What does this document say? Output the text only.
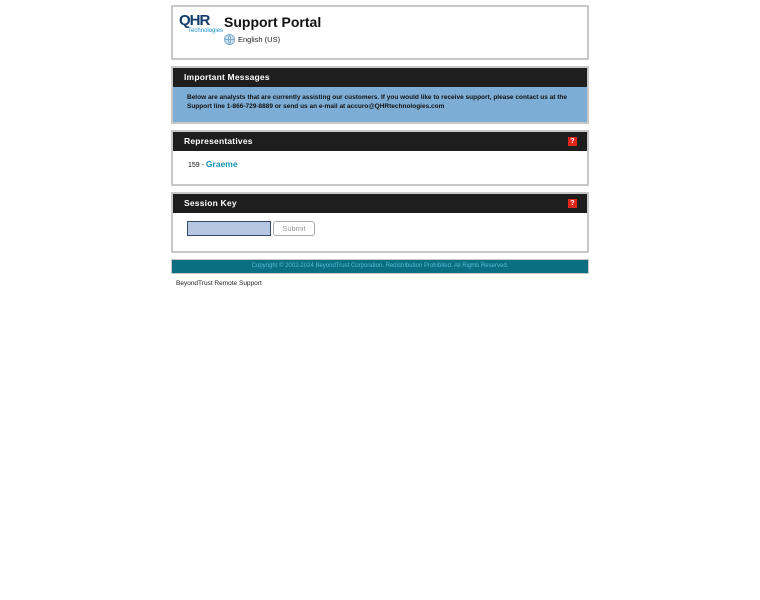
QHR
Technologies
Support Portal
English (US)
Important Messages
Below are analysts that are currently assisting our customers. If you would like to receive support, please contact us at the Support line 1-866-729-8889 or send us an e-mail at accuro@QHRtechnologies.com
Representatives	?
159 - Graeme
Session Key	?
Submit
Copyright © 2002-2024 BeyondTrust Corporation. Redistribution Prohibited. All Rights Reserved.
BeyondTrust Remote Support
